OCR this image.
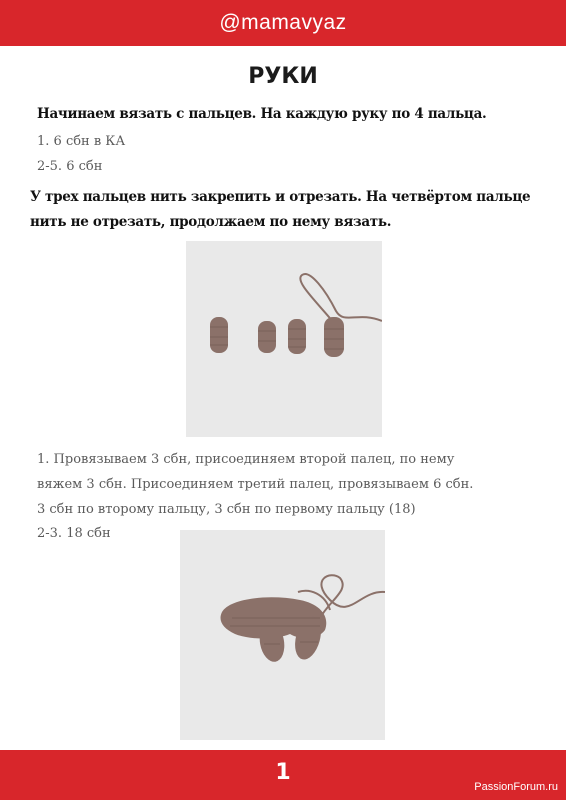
@mamavyaz
РУКИ
Начинаем вязать с пальцев. На каждую руку по 4 пальца.
1. 6 сбн в КА
2-5. 6 сбн
У трех пальцев нить закрепить и отрезать. На четвёртом пальце
нить не отрезать, продолжаем по нему вязать.
1. Провязываем 3 сбн, присоединяем второй палец, по нему
вяжем 3 сбн. Присоединяем третий палец, провязываем 6 сбн.
3 сбн по второму пальцу, 3 сбн по первому пальцу (18)
2-3. 18 сбн
1
PassionForum.ru
